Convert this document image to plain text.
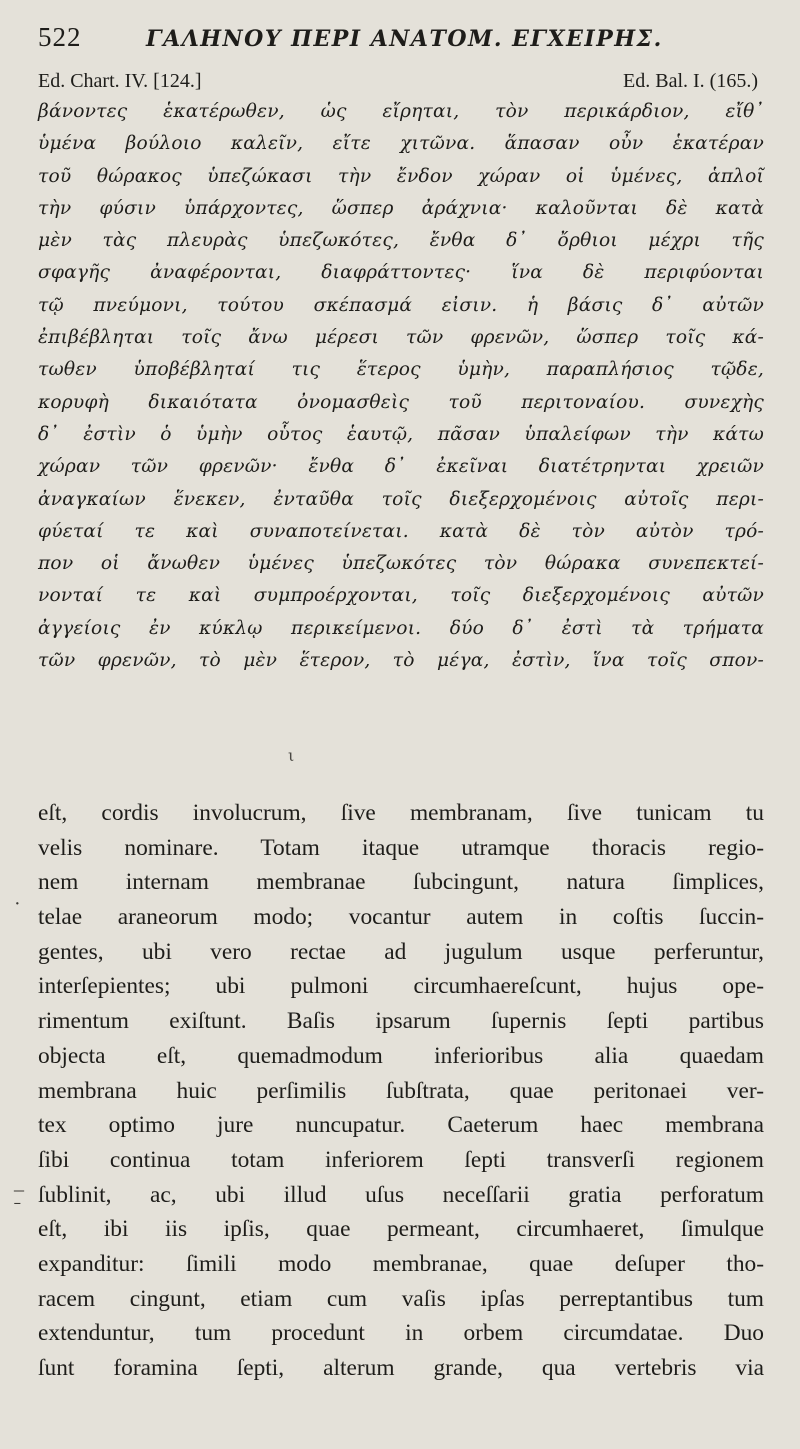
522	ΓΑΛΗΝΟΥ ΠΕΡΙ ΑΝΑΤΟΜ. ΕΓΧΕΙΡΗΣ.
Ed. Chart. IV. [124.]	Ed. Bal. I. (165.)
βάνοντες ἑκατέρωθεν, ὡς εἴρηται, τὸν περικάρδιον, εἴθ᾽
ὑμένα βούλοιο καλεῖν, εἴτε χιτῶνα. ἅπασαν οὖν ἑκατέραν
τοῦ θώρακος ὑπεζώκασι τὴν ἔνδον χώραν οἱ ὑμένες, ἁπλοῖ
τὴν φύσιν ὑπάρχοντες, ὥσπερ ἀράχνια· καλοῦνται δὲ κατὰ
μὲν τὰς πλευρὰς ὑπεζωκότες, ἔνθα δ᾽ ὄρθιοι μέχρι τῆς
σφαγῆς ἀναφέρονται, διαφράττοντες· ἵνα δὲ περιφύονται
τῷ πνεύμονι, τούτου σκέπασμά εἰσιν. ἡ βάσις δ᾽ αὐτῶν
ἐπιβέβληται τοῖς ἄνω μέρεσι τῶν φρενῶν, ὥσπερ τοῖς κά-
τωθεν ὑποβέβληταί τις ἕτερος ὑμὴν, παραπλήσιος τῷδε,
κορυφὴ δικαιότατα ὀνομασθεὶς τοῦ περιτοναίου. συνεχὴς
δ᾽ ἐστὶν ὁ ὑμὴν οὗτος ἑαυτῷ, πᾶσαν ὑπαλείφων τὴν κάτω
χώραν τῶν φρενῶν· ἔνθα δ᾽ ἐκεῖναι διατέτρηνται χρειῶν
ἀναγκαίων ἕνεκεν, ἐνταῦθα τοῖς διεξερχομένοις αὐτοῖς περι-
φύεταί τε καὶ συναποτείνεται. κατὰ δὲ τὸν αὐτὸν τρό-
πον οἱ ἄνωθεν ὑμένες ὑπεζωκότες τὸν θώρακα συνεπεκτεί-
νονταί τε καὶ συμπροέρχονται, τοῖς διεξερχομένοις αὐτῶν
ἀγγείοις ἐν κύκλῳ περικείμενοι. δύο δ᾽ ἐστὶ τὰ τρήματα
τῶν φρενῶν, τὸ μὲν ἕτερον, τὸ μέγα, ἐστὶν, ἵνα τοῖς σπον-
ι
eſt, cordis involucrum, ſive membranam, ſive tunicam tu
velis nominare. Totam itaque utramque thoracis regio-
nem internam membranae ſubcingunt, natura ſimplices,
telae araneorum modo; vocantur autem in coſtis ſuccin-
gentes, ubi vero rectae ad jugulum usque perferuntur,
interſepientes; ubi pulmoni circumhaereſcunt, hujus ope-
rimentum exiſtunt. Baſis ipsarum ſupernis ſepti partibus
objecta eſt, quemadmodum inferioribus alia quaedam
membrana huic perſimilis ſubſtrata, quae peritonaei ver-
tex optimo jure nuncupatur. Caeterum haec membrana
ſibi continua totam inferiorem ſepti transverſi regionem
ſublinit, ac, ubi illud uſus neceſſarii gratia perforatum
eſt, ibi iis ipſis, quae permeant, circumhaeret, ſimulque
expanditur: ſimili modo membranae, quae deſuper tho-
racem cingunt, etiam cum vaſis ipſas perreptantibus tum
extenduntur, tum procedunt in orbem circumdatae. Duo
ſunt foramina ſepti, alterum grande, qua vertebris via
·
_
ˉ
